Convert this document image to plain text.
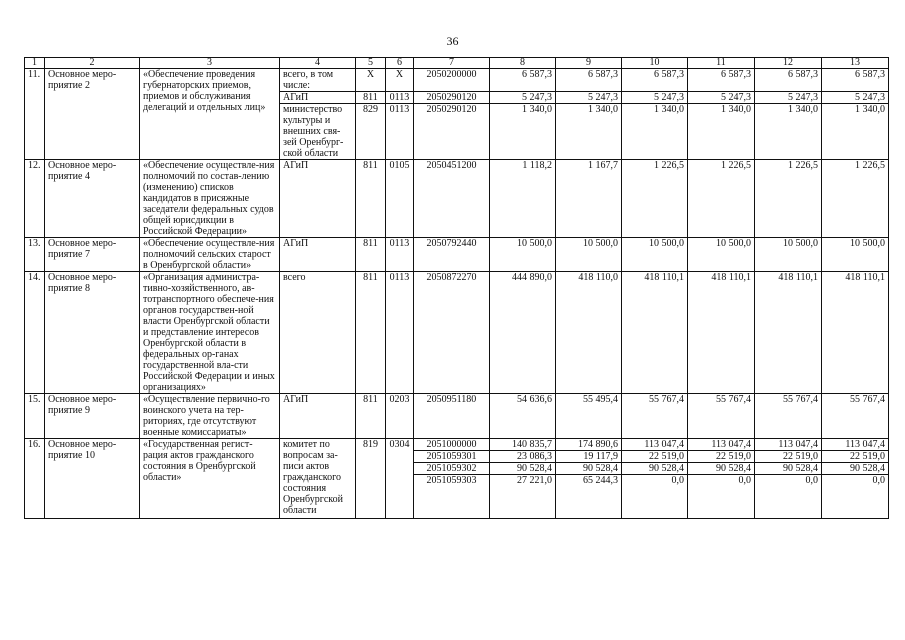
36
1	2	3	4	5	6	7	8	9	10	11	12	13
11.	Основное меро-приятие 2	«Обеспечение проведения губернаторских приемов, приемов и обслуживания делегаций и отдельных лиц»	всего, в том числе:	X	X	2050200000	6 587,3	6 587,3	6 587,3	6 587,3	6 587,3	6 587,3
			АГиП	811	0113	2050290120	5 247,3	5 247,3	5 247,3	5 247,3	5 247,3	5 247,3
			министерство культуры и внешних свя-зей Оренбург-ской области	829	0113	2050290120	1 340,0	1 340,0	1 340,0	1 340,0	1 340,0	1 340,0
12.	Основное меро-приятие 4	«Обеспечение осуществле-ния полномочий по состав-лению (изменению) списков кандидатов в присяжные заседатели федеральных судов общей юрисдикции в Российской Федерации»	АГиП	811	0105	2050451200	1 118,2	1 167,7	1 226,5	1 226,5	1 226,5	1 226,5
13.	Основное меро-приятие 7	«Обеспечение осуществле-ния полномочий сельских старост в Оренбургской области»	АГиП	811	0113	2050792440	10 500,0	10 500,0	10 500,0	10 500,0	10 500,0	10 500,0
14.	Основное меро-приятие 8	«Организация администра-тивно-хозяйственного, ав-тотранспортного обеспече-ния органов государствен-ной власти Оренбургской области и представление интересов Оренбургской области в федеральных ор-ганах государственной вла-сти Российской Федерации и иных организациях»	всего	811	0113	2050872270	444 890,0	418 110,0	418 110,1	418 110,1	418 110,1	418 110,1
15.	Основное меро-приятие 9	«Осуществление первично-го воинского учета на тер-риториях, где отсутствуют военные комиссариаты»	АГиП	811	0203	2050951180	54 636,6	55 495,4	55 767,4	55 767,4	55 767,4	55 767,4
16.	Основное меро-приятие 10	«Государственная регист-рация актов гражданского состояния в Оренбургской области»	комитет по вопросам за-писи актов гражданского состояния Оренбургской области	819	0304	2051000000	140 835,7	174 890,6	113 047,4	113 047,4	113 047,4	113 047,4
						2051059301	23 086,3	19 117,9	22 519,0	22 519,0	22 519,0	22 519,0
						2051059302	90 528,4	90 528,4	90 528,4	90 528,4	90 528,4	90 528,4
						2051059303	27 221,0	65 244,3	0,0	0,0	0,0	0,0
